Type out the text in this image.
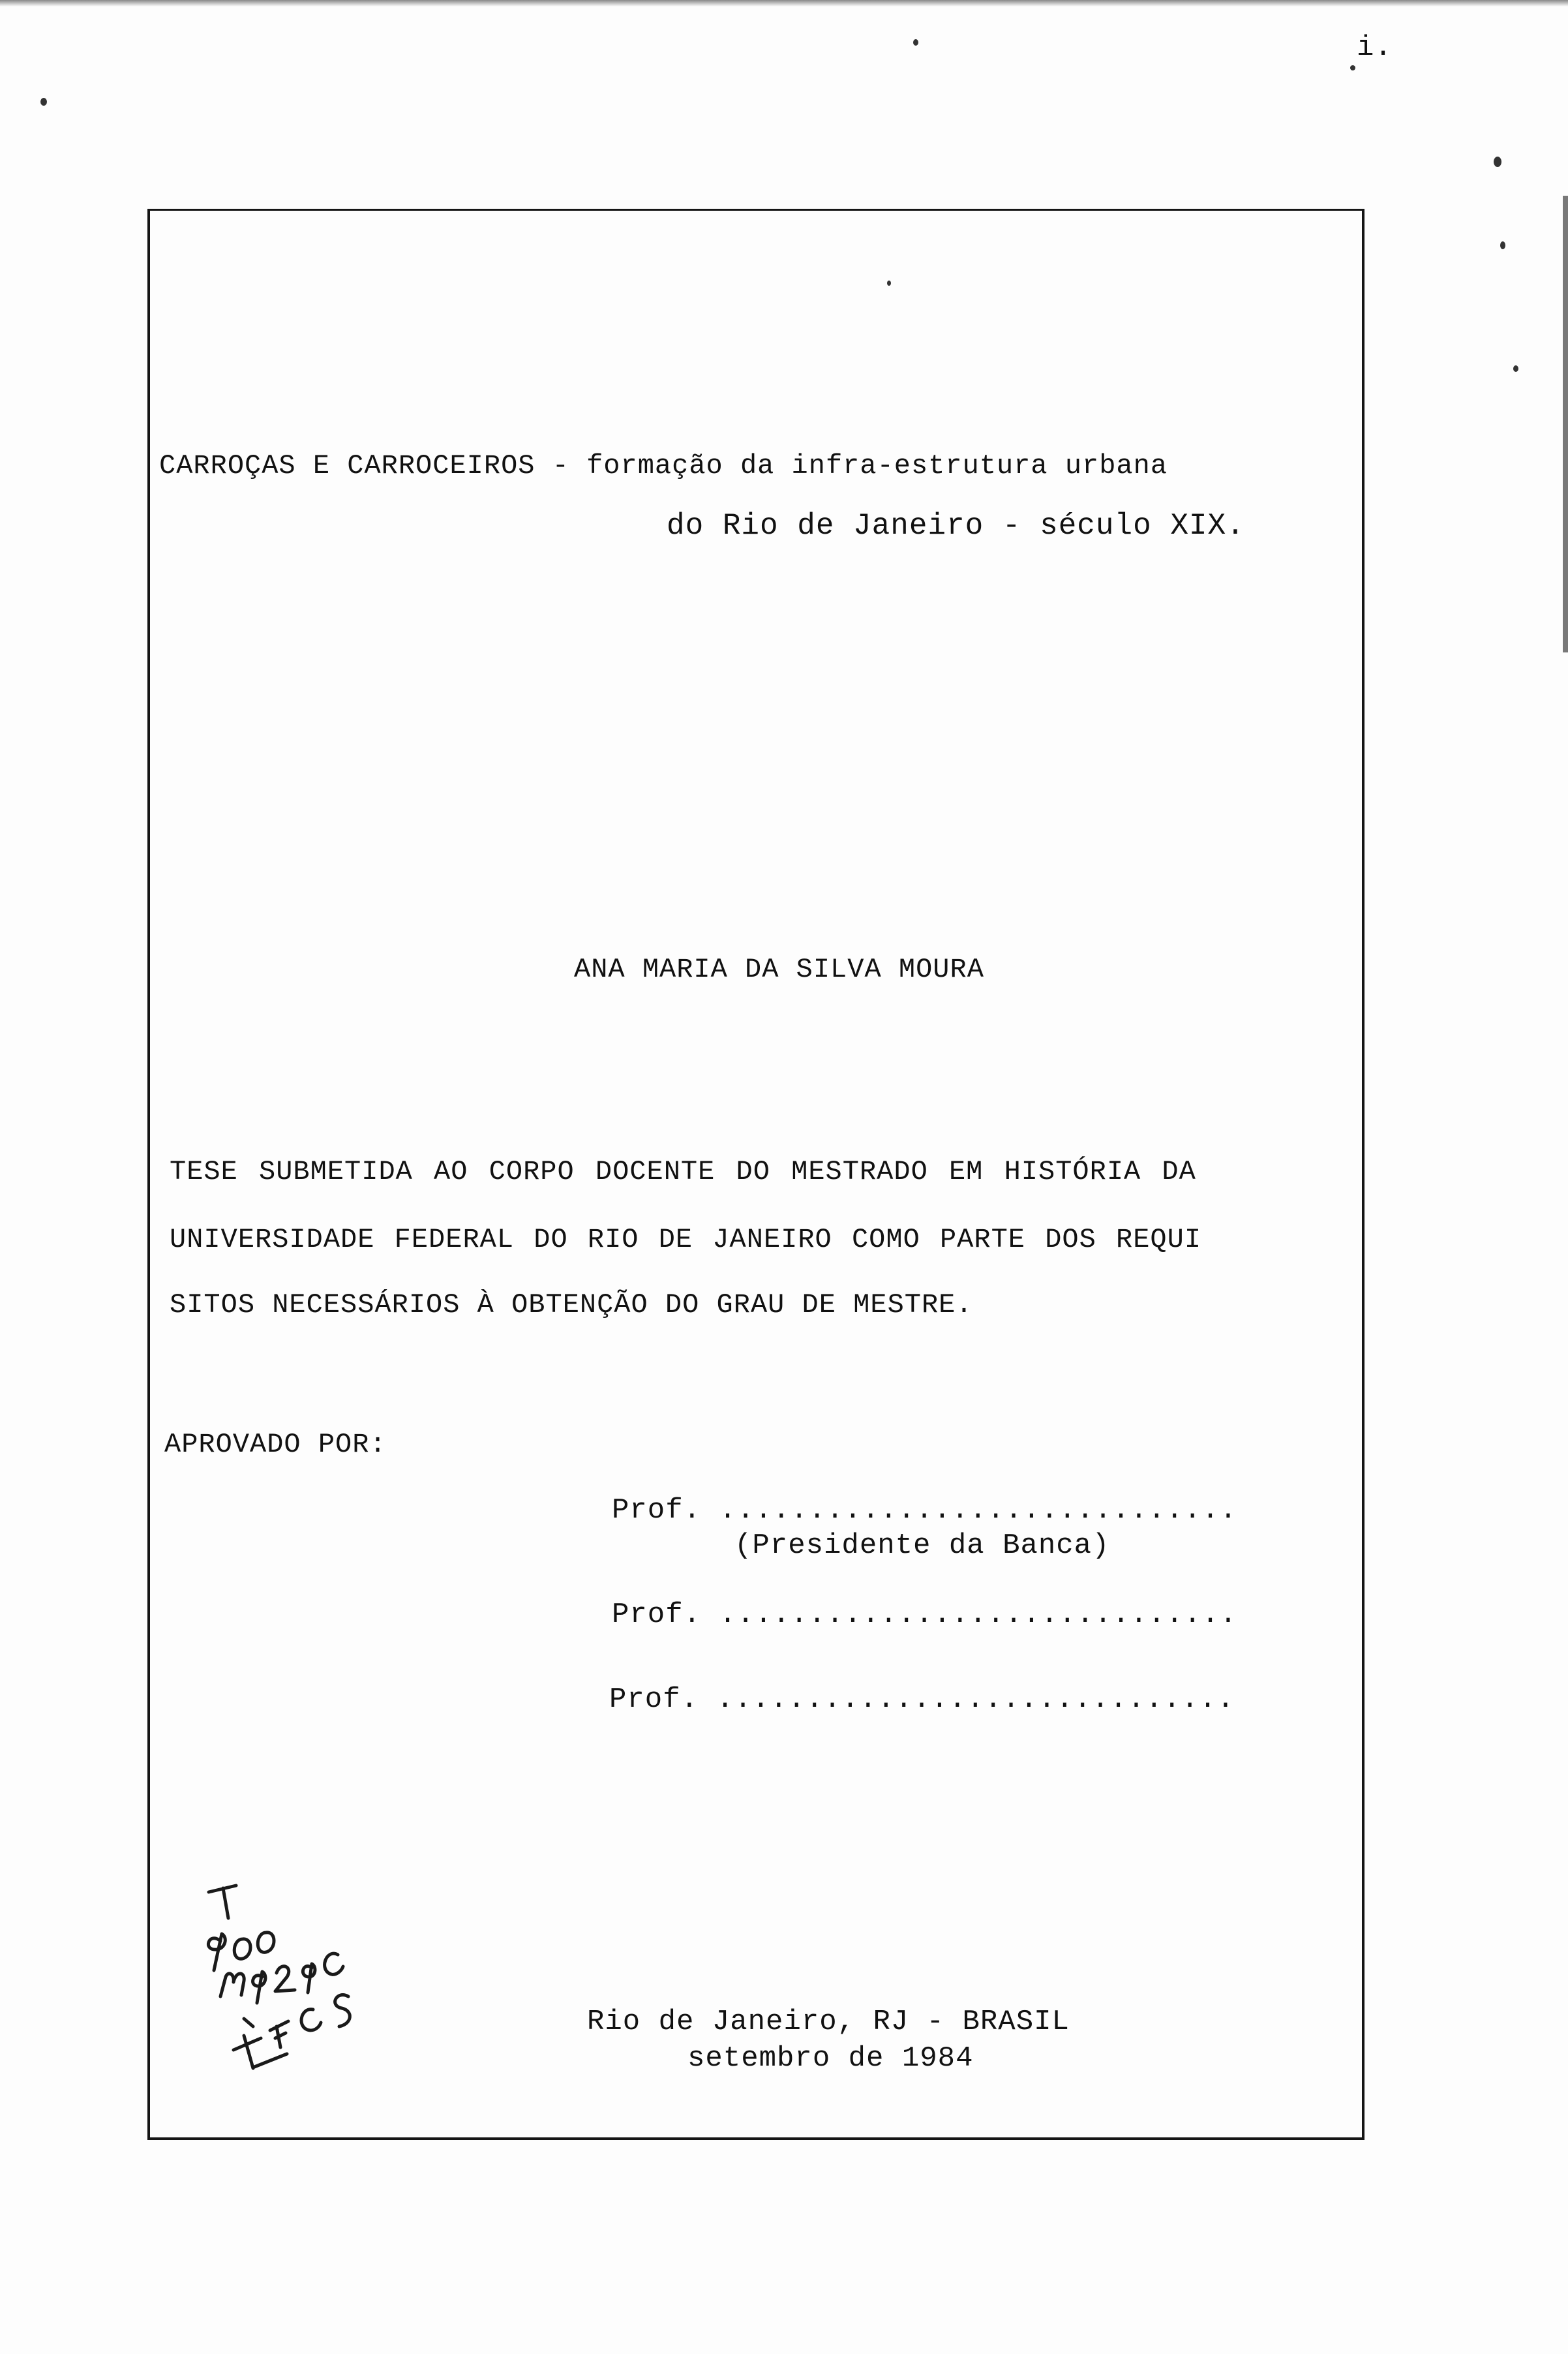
i.
CARROÇAS E CARROCEIROS - formação da infra-estrutura urbana
do Rio de Janeiro - século XIX.
ANA MARIA DA SILVA MOURA
TESE SUBMETIDA AO CORPO DOCENTE DO MESTRADO EM HISTÓRIA DA
UNIVERSIDADE FEDERAL DO RIO DE JANEIRO COMO PARTE DOS REQUI
SITOS NECESSÁRIOS À OBTENÇÃO DO GRAU DE MESTRE.
APROVADO POR:
Prof. .............................
(Presidente da Banca)
Prof. .............................
Prof. .............................
Rio de Janeiro, RJ - BRASIL
setembro de 1984
